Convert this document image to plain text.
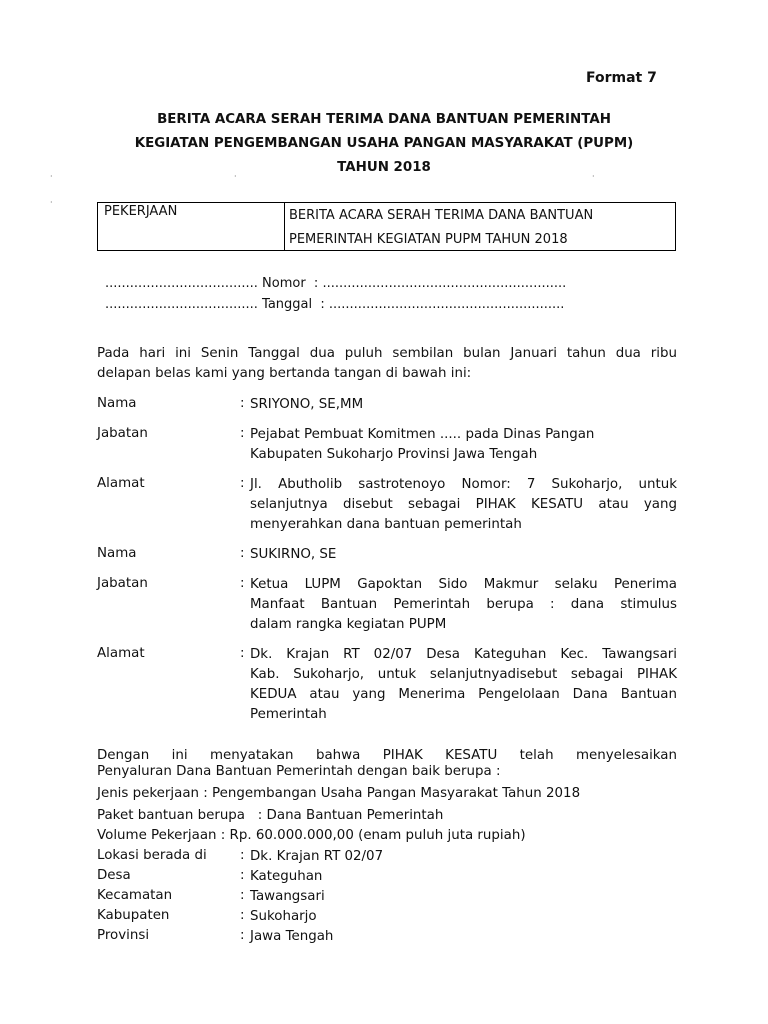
Format 7
BERITA ACARA SERAH TERIMA DANA BANTUAN PEMERINTAH
KEGIATAN PENGEMBANGAN USAHA PANGAN MASYARAKAT (PUPM)
TAHUN 2018
·	·	·
·
PEKERJAAN	BERITA ACARA SERAH TERIMA DANA BANTUAN
PEMERINTAH KEGIATAN PUPM TAHUN 2018
..................................... Nomor  : ...........................................................
..................................... Tanggal  : .........................................................
Pada hari ini Senin Tanggal dua puluh sembilan bulan Januari tahun dua ribu
delapan belas kami yang bertanda tangan di bawah ini:
Nama	: SRIYONO, SE,MM
Jabatan	: Pejabat Pembuat Komitmen ..... pada Dinas Pangan
Kabupaten Sukoharjo Provinsi Jawa Tengah
Alamat	: Jl. Abutholib sastrotenoyo Nomor: 7 Sukoharjo, untuk
selanjutnya disebut sebagai PIHAK KESATU atau yang
menyerahkan dana bantuan pemerintah
Nama	: SUKIRNO, SE
Jabatan	: Ketua LUPM Gapoktan Sido Makmur selaku Penerima
Manfaat Bantuan Pemerintah berupa : dana stimulus
dalam rangka kegiatan PUPM
Alamat	: Dk. Krajan RT 02/07 Desa Kateguhan Kec. Tawangsari
Kab. Sukoharjo, untuk selanjutnyadisebut sebagai PIHAK
KEDUA atau yang Menerima Pengelolaan Dana Bantuan
Pemerintah
Dengan ini menyatakan bahwa PIHAK KESATU telah menyelesaikan
Penyaluran Dana Bantuan Pemerintah dengan baik berupa :
Jenis pekerjaan : Pengembangan Usaha Pangan Masyarakat Tahun 2018
Paket bantuan berupa   : Dana Bantuan Pemerintah
Volume Pekerjaan : Rp. 60.000.000,00 (enam puluh juta rupiah)
Lokasi berada di : Dk. Krajan RT 02/07
Desa	: Kateguhan
Kecamatan	: Tawangsari
Kabupaten	: Sukoharjo
Provinsi	: Jawa Tengah
